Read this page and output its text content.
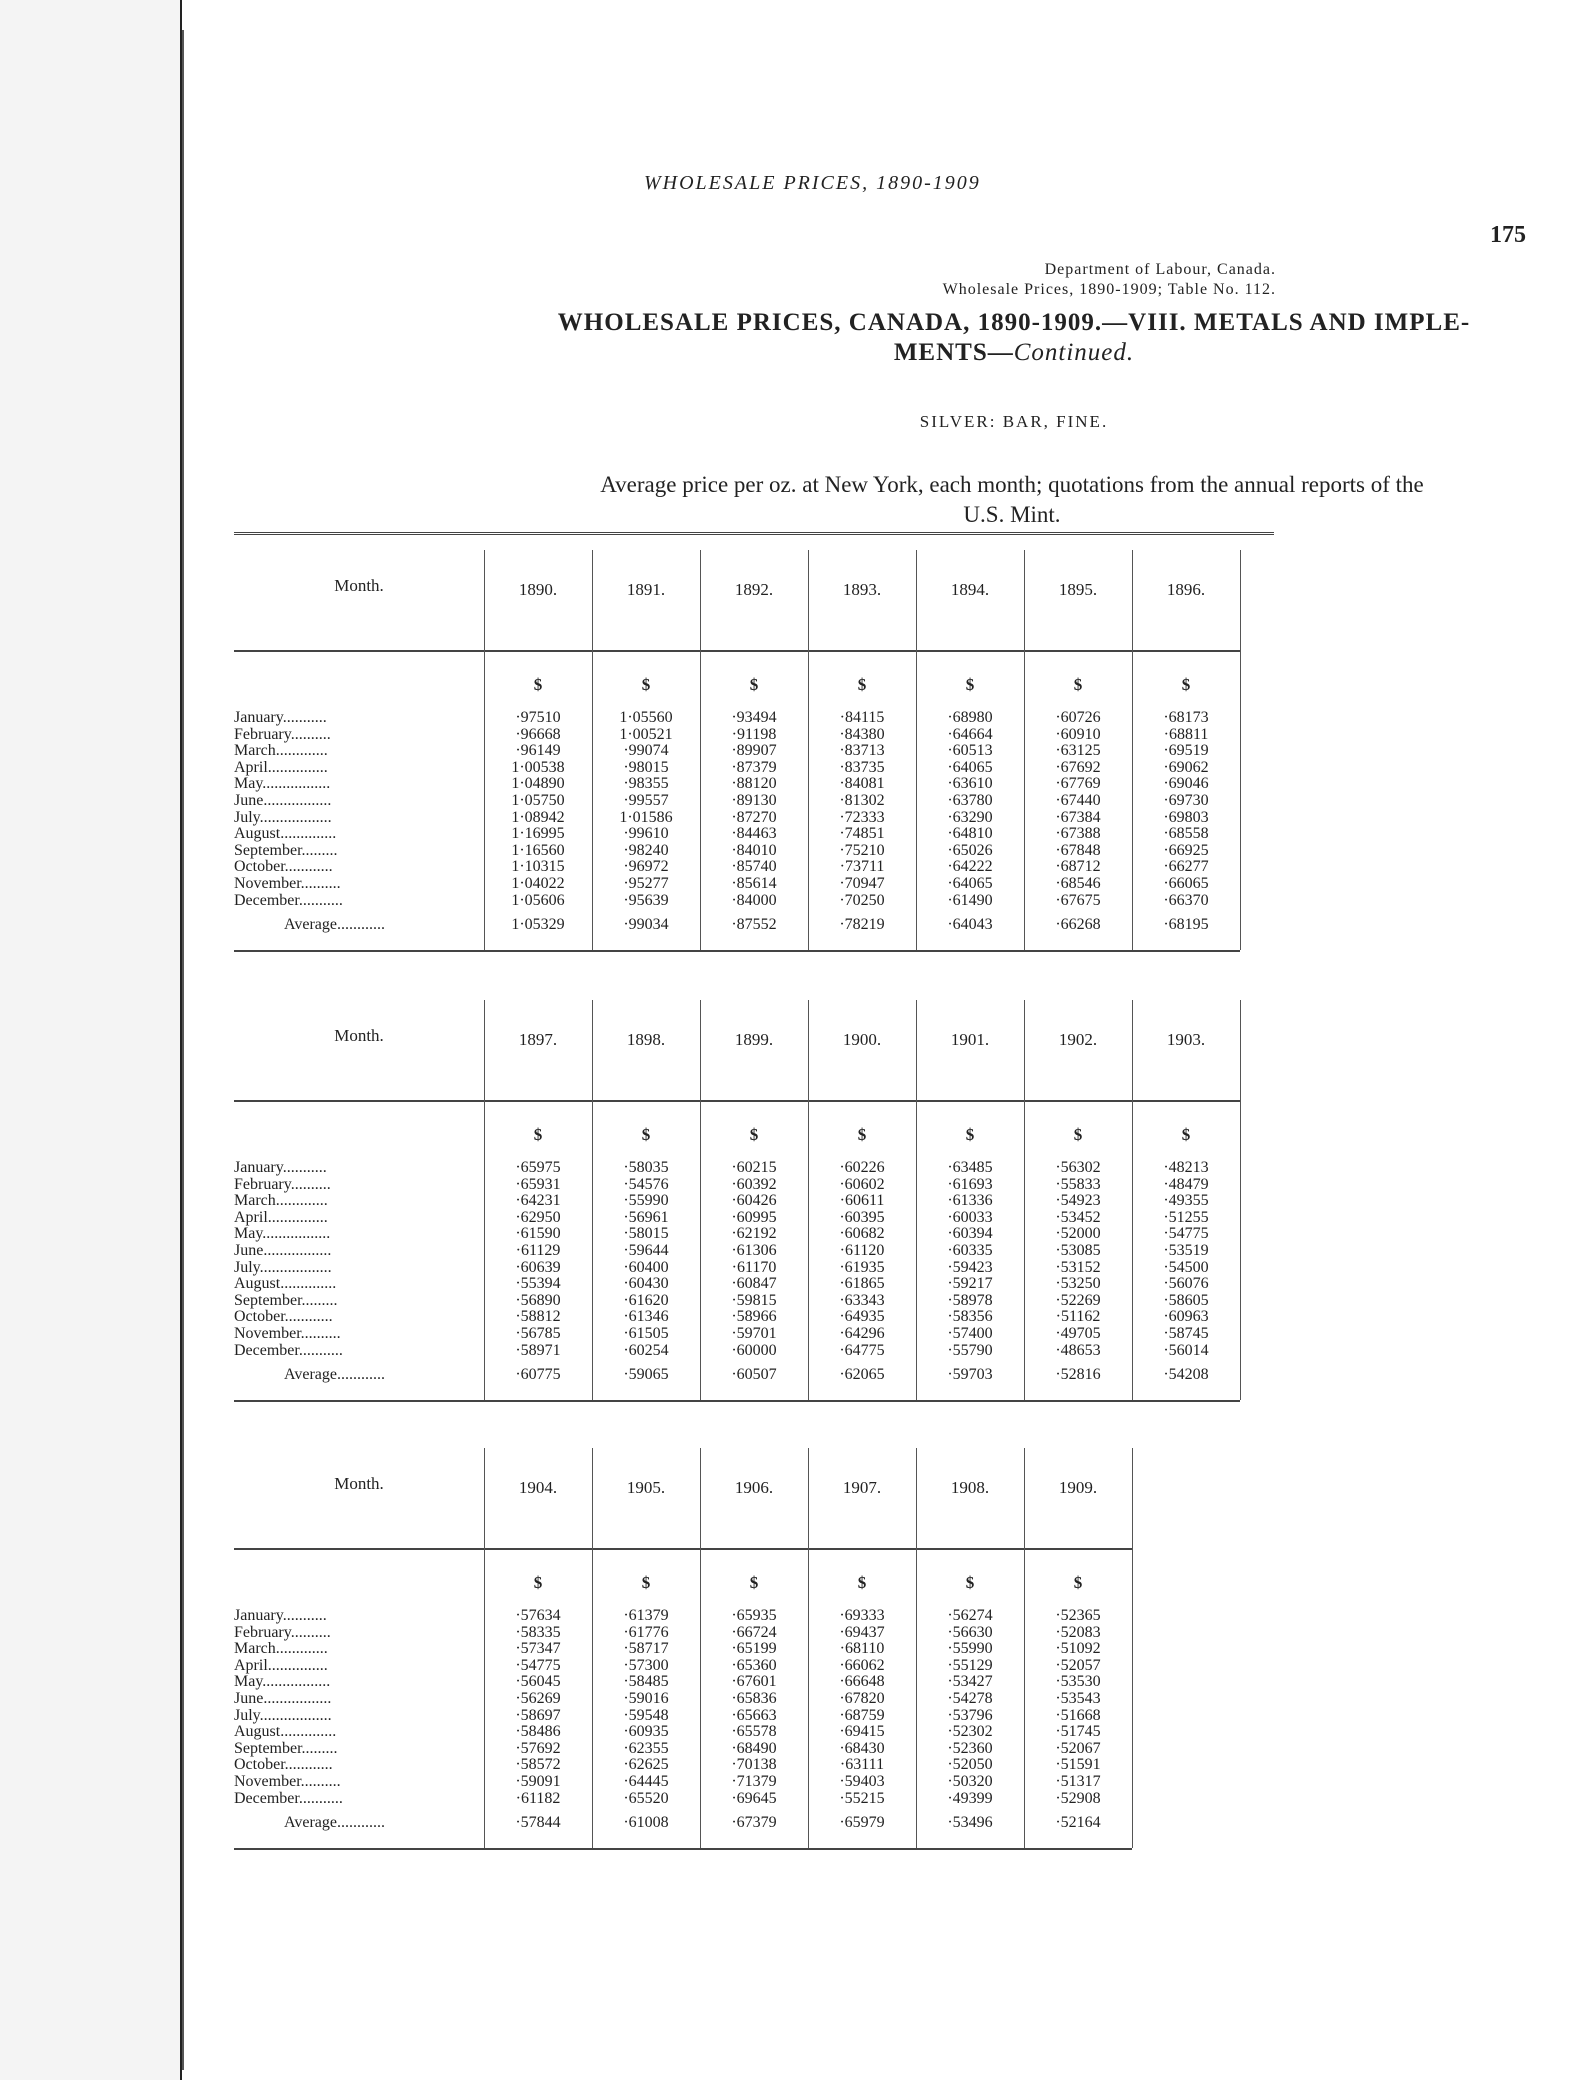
WHOLESALE PRICES, 1890-1909
175
Department of Labour, Canada.
Wholesale Prices, 1890-1909; Table No. 112.
WHOLESALE PRICES, CANADA, 1890-1909.—VIII. METALS AND IMPLE-
MENTS—Continued.
SILVER: BAR, FINE.
Average price per oz. at New York, each month; quotations from the annual reports of the
U.S. Mint.
Month.
January...........
February..........
March.............
April...............
May.................
June.................
July..................
August..............
September.........
October............
November..........
December...........
Average............
1890.
$
·97510
·96668
·96149
1·00538
1·04890
1·05750
1·08942
1·16995
1·16560
1·10315
1·04022
1·05606
1·05329
1891.
$
1·05560
1·00521
·99074
·98015
·98355
·99557
1·01586
·99610
·98240
·96972
·95277
·95639
·99034
1892.
$
·93494
·91198
·89907
·87379
·88120
·89130
·87270
·84463
·84010
·85740
·85614
·84000
·87552
1893.
$
·84115
·84380
·83713
·83735
·84081
·81302
·72333
·74851
·75210
·73711
·70947
·70250
·78219
1894.
$
·68980
·64664
·60513
·64065
·63610
·63780
·63290
·64810
·65026
·64222
·64065
·61490
·64043
1895.
$
·60726
·60910
·63125
·67692
·67769
·67440
·67384
·67388
·67848
·68712
·68546
·67675
·66268
1896.
$
·68173
·68811
·69519
·69062
·69046
·69730
·69803
·68558
·66925
·66277
·66065
·66370
·68195
Month.
January...........
February..........
March.............
April...............
May.................
June.................
July..................
August..............
September.........
October............
November..........
December...........
Average............
1897.
$
·65975
·65931
·64231
·62950
·61590
·61129
·60639
·55394
·56890
·58812
·56785
·58971
·60775
1898.
$
·58035
·54576
·55990
·56961
·58015
·59644
·60400
·60430
·61620
·61346
·61505
·60254
·59065
1899.
$
·60215
·60392
·60426
·60995
·62192
·61306
·61170
·60847
·59815
·58966
·59701
·60000
·60507
1900.
$
·60226
·60602
·60611
·60395
·60682
·61120
·61935
·61865
·63343
·64935
·64296
·64775
·62065
1901.
$
·63485
·61693
·61336
·60033
·60394
·60335
·59423
·59217
·58978
·58356
·57400
·55790
·59703
1902.
$
·56302
·55833
·54923
·53452
·52000
·53085
·53152
·53250
·52269
·51162
·49705
·48653
·52816
1903.
$
·48213
·48479
·49355
·51255
·54775
·53519
·54500
·56076
·58605
·60963
·58745
·56014
·54208
Month.
January...........
February..........
March.............
April...............
May.................
June.................
July..................
August..............
September.........
October............
November..........
December...........
Average............
1904.
$
·57634
·58335
·57347
·54775
·56045
·56269
·58697
·58486
·57692
·58572
·59091
·61182
·57844
1905.
$
·61379
·61776
·58717
·57300
·58485
·59016
·59548
·60935
·62355
·62625
·64445
·65520
·61008
1906.
$
·65935
·66724
·65199
·65360
·67601
·65836
·65663
·65578
·68490
·70138
·71379
·69645
·67379
1907.
$
·69333
·69437
·68110
·66062
·66648
·67820
·68759
·69415
·68430
·63111
·59403
·55215
·65979
1908.
$
·56274
·56630
·55990
·55129
·53427
·54278
·53796
·52302
·52360
·52050
·50320
·49399
·53496
1909.
$
·52365
·52083
·51092
·52057
·53530
·53543
·51668
·51745
·52067
·51591
·51317
·52908
·52164
